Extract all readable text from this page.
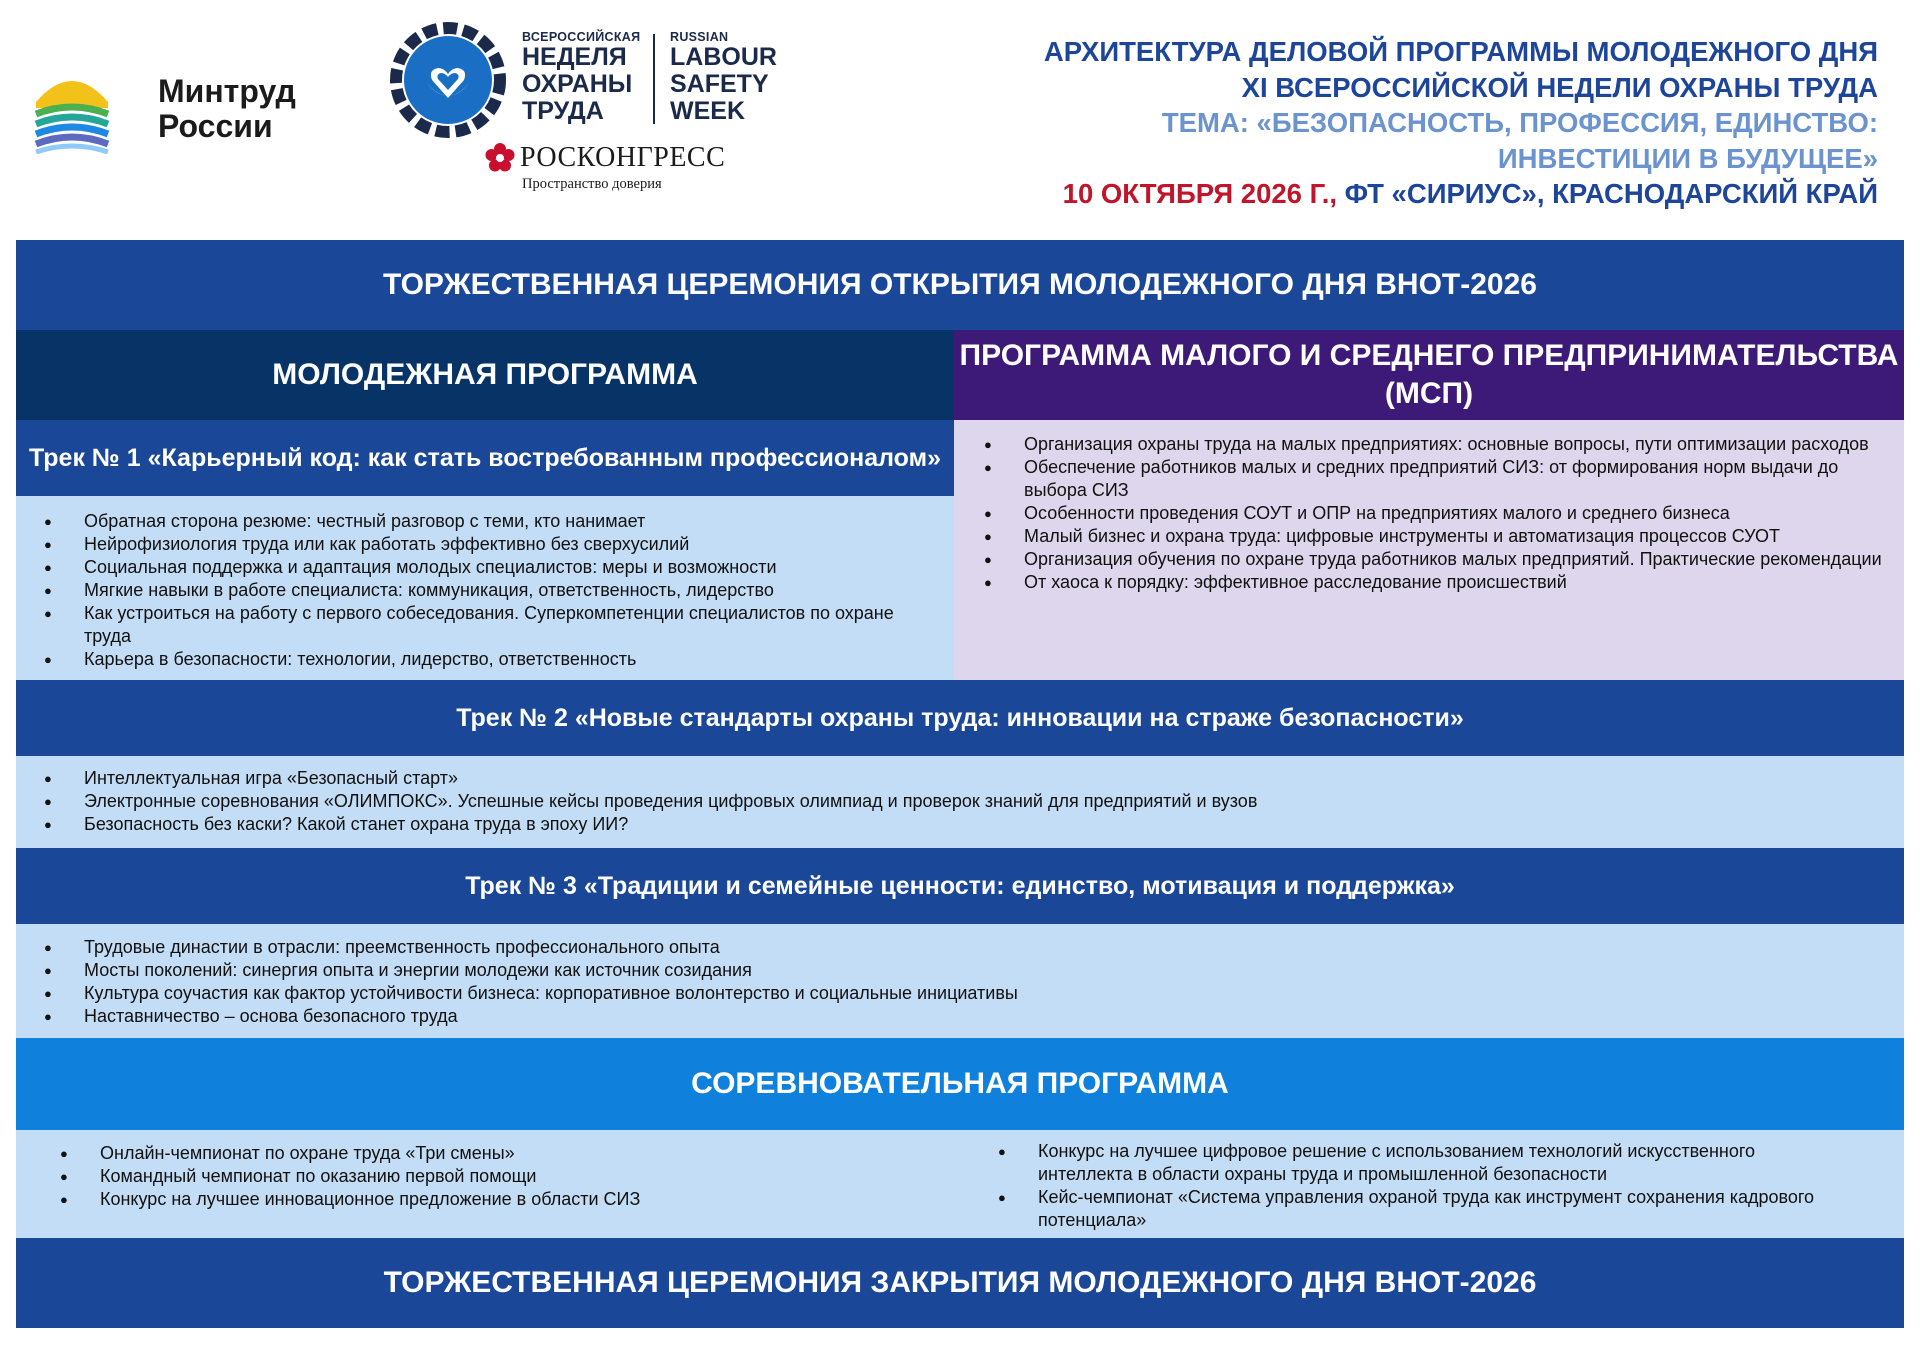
Минтруд
России
ВСЕРОССИЙСКАЯ
НЕДЕЛЯ
ОХРАНЫ
ТРУДА
RUSSIAN
LABOUR
SAFETY
WEEK
РОСКОНГРЕСС
Пространство доверия
АРХИТЕКТУРА ДЕЛОВОЙ ПРОГРАММЫ МОЛОДЕЖНОГО ДНЯ
XI ВСЕРОССИЙСКОЙ НЕДЕЛИ ОХРАНЫ ТРУДА
ТЕМА: «БЕЗОПАСНОСТЬ, ПРОФЕССИЯ, ЕДИНСТВО:
ИНВЕСТИЦИИ В БУДУЩЕЕ»
10 ОКТЯБРЯ 2026 Г., ФТ «СИРИУС», КРАСНОДАРСКИЙ КРАЙ
ТОРЖЕСТВЕННАЯ ЦЕРЕМОНИЯ ОТКРЫТИЯ МОЛОДЕЖНОГО ДНЯ ВНОТ-2026
МОЛОДЕЖНАЯ ПРОГРАММА
ПРОГРАММА МАЛОГО И СРЕДНЕГО ПРЕДПРИНИМАТЕЛЬСТВА (МСП)
Трек № 1 «Карьерный код: как стать востребованным профессионалом»
● Обратная сторона резюме: честный разговор с теми, кто нанимает
● Нейрофизиология труда или как работать эффективно без сверхусилий
● Социальная поддержка и адаптация молодых специалистов: меры и возможности
● Мягкие навыки в работе специалиста: коммуникация, ответственность, лидерство
● Как устроиться на работу с первого собеседования. Суперкомпетенции специалистов по охране труда
● Карьера в безопасности: технологии, лидерство, ответственность
● Организация охраны труда на малых предприятиях: основные вопросы, пути оптимизации расходов
● Обеспечение работников малых и средних предприятий СИЗ: от формирования норм выдачи до выбора СИЗ
● Особенности проведения СОУТ и ОПР на предприятиях малого и среднего бизнеса
● Малый бизнес и охрана труда: цифровые инструменты и автоматизация процессов СУОТ
● Организация обучения по охране труда работников малых предприятий. Практические рекомендации
● От хаоса к порядку: эффективное расследование происшествий
Трек № 2 «Новые стандарты охраны труда: инновации на страже безопасности»
● Интеллектуальная игра «Безопасный старт»
● Электронные соревнования «ОЛИМПОКС». Успешные кейсы проведения цифровых олимпиад и проверок знаний для предприятий и вузов
● Безопасность без каски? Какой станет охрана труда в эпоху ИИ?
Трек № 3 «Традиции и семейные ценности: единство, мотивация и поддержка»
● Трудовые династии в отрасли: преемственность профессионального опыта
● Мосты поколений: синергия опыта и энергии молодежи как источник созидания
● Культура соучастия как фактор устойчивости бизнеса: корпоративное волонтерство и социальные инициативы
● Наставничество – основа безопасного труда
СОРЕВНОВАТЕЛЬНАЯ ПРОГРАММА
● Онлайн-чемпионат по охране труда «Три смены»
● Командный чемпионат по оказанию первой помощи
● Конкурс на лучшее инновационное предложение в области СИЗ
● Конкурс на лучшее цифровое решение с использованием технологий искусственного интеллекта в области охраны труда и промышленной безопасности
● Кейс-чемпионат «Система управления охраной труда как инструмент сохранения кадрового потенциала»
ТОРЖЕСТВЕННАЯ ЦЕРЕМОНИЯ ЗАКРЫТИЯ МОЛОДЕЖНОГО ДНЯ ВНОТ-2026
